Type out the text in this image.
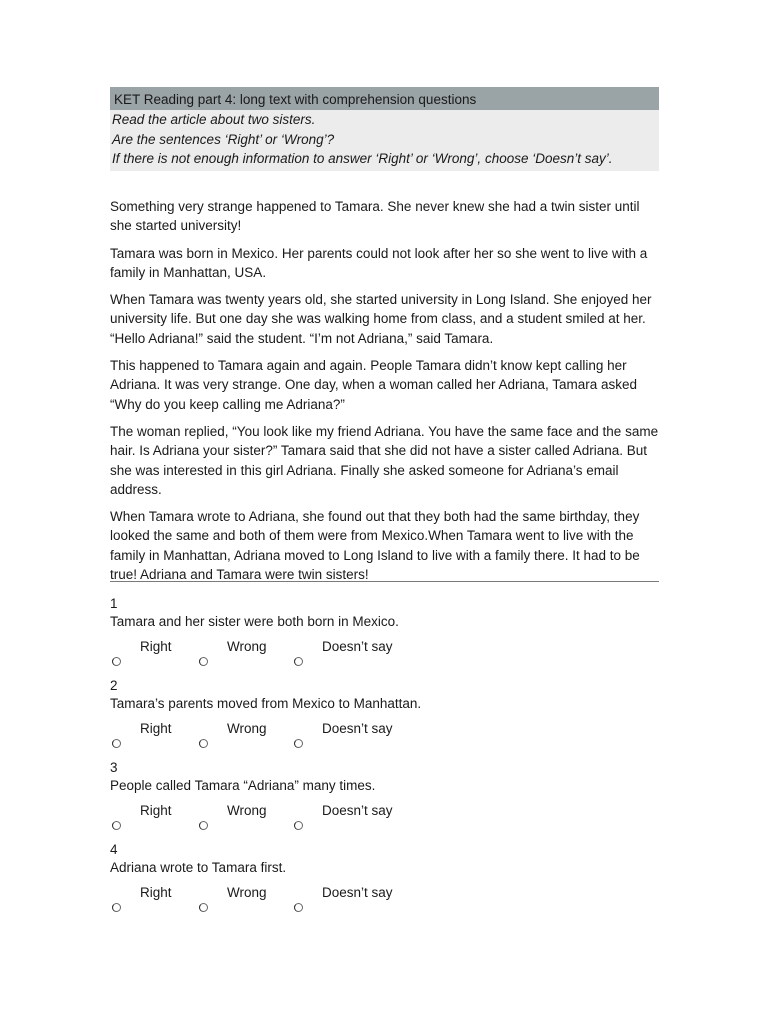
KET Reading part 4: long text with comprehension questions
Read the article about two sisters.
Are the sentences ‘Right’ or ‘Wrong’?
If there is not enough information to answer ‘Right’ or ‘Wrong’, choose ‘Doesn’t say’.

Something very strange happened to Tamara. She never knew she had a twin sister until she started university!

Tamara was born in Mexico. Her parents could not look after her so she went to live with a family in Manhattan, USA.

When Tamara was twenty years old, she started university in Long Island. She enjoyed her university life. But one day she was walking home from class, and a student smiled at her. “Hello Adriana!” said the student. “I’m not Adriana,” said Tamara.

This happened to Tamara again and again. People Tamara didn’t know kept calling her Adriana. It was very strange. One day, when a woman called her Adriana, Tamara asked “Why do you keep calling me Adriana?”

The woman replied, “You look like my friend Adriana. You have the same face and the same hair. Is Adriana your sister?” Tamara said that she did not have a sister called Adriana. But she was interested in this girl Adriana. Finally she asked someone for Adriana’s email address.

When Tamara wrote to Adriana, she found out that they both had the same birthday, they looked the same and both of them were from Mexico.When Tamara went to live with the family in Manhattan, Adriana moved to Long Island to live with a family there. It had to be true! Adriana and Tamara were twin sisters!

1
Tamara and her sister were both born in Mexico.
Right	Wrong	Doesn’t say
2
Tamara’s parents moved from Mexico to Manhattan.
Right	Wrong	Doesn’t say
3
People called Tamara “Adriana” many times.
Right	Wrong	Doesn’t say
4
Adriana wrote to Tamara first.
Right	Wrong	Doesn’t say
